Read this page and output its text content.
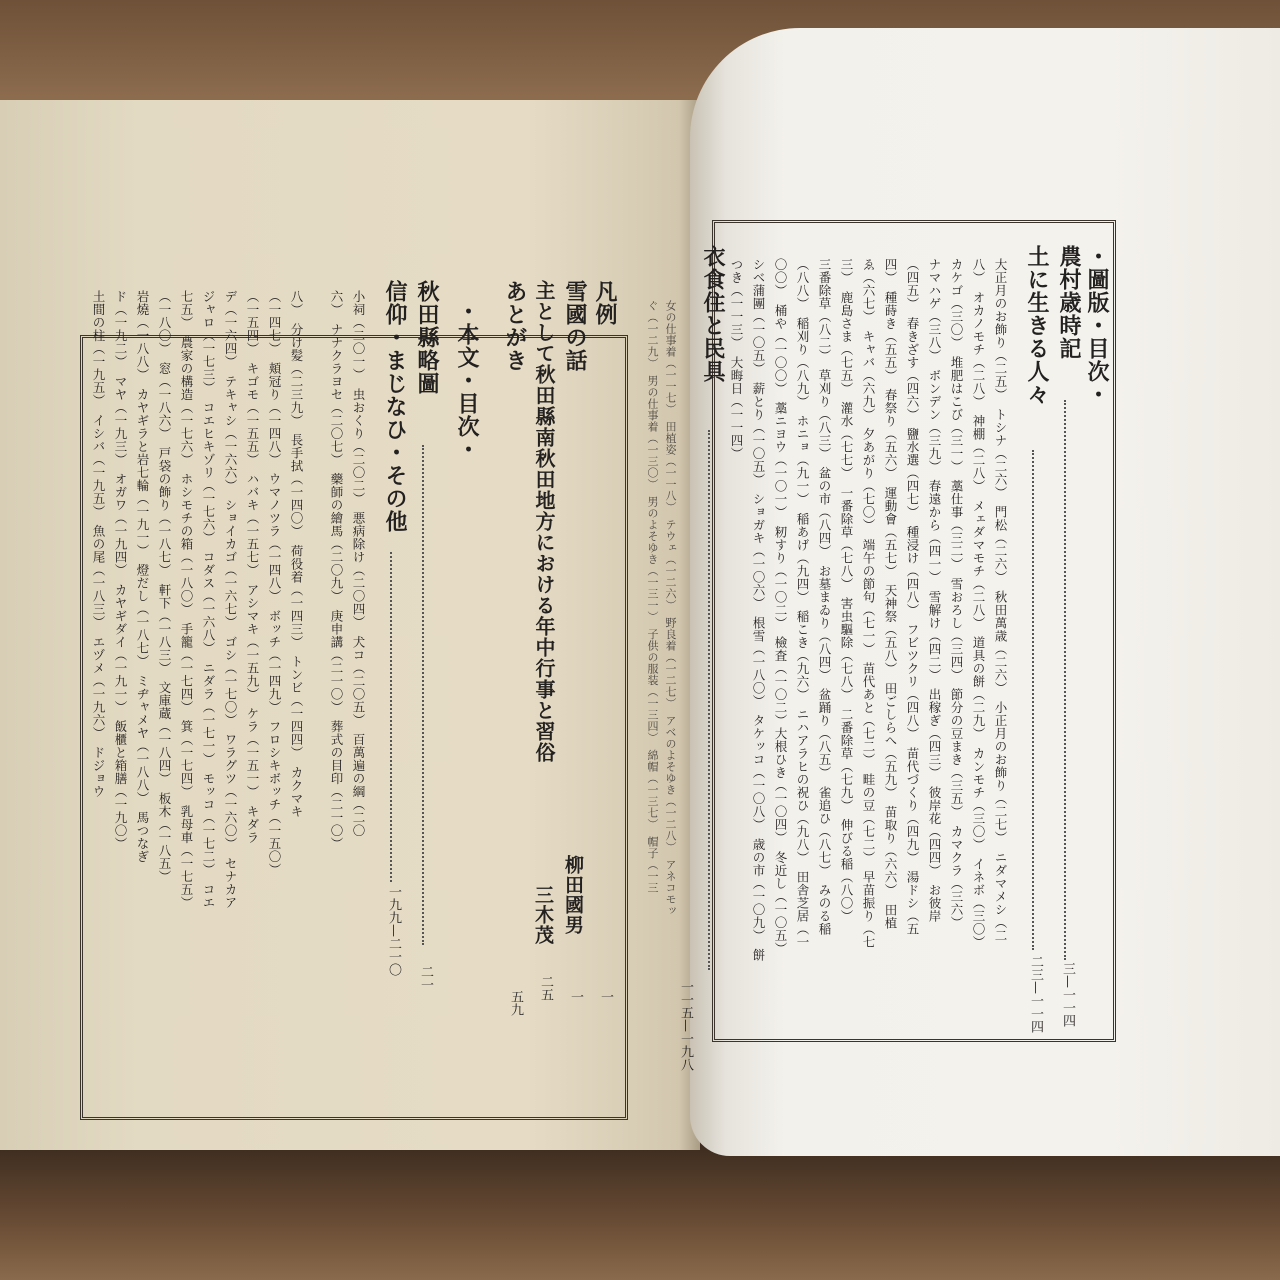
凡例
一
雪國の話
柳田國男
一
主として秋田縣南秋田地方における年中行事と習俗
三木茂
二五
あとがき
五九
・本文・目次・
秋田縣略圖
二一
信仰・まじなひ・その他
一九九—二一〇
小祠（二〇一）　虫おくり（二〇二）　悪病除け（二〇四）　犬コ（二〇五）　百萬遍の綱（二〇
六）　ナナクラヨセ（二〇七）　藥師の繪馬（二〇九）　庚申講（二一〇）　葬式の目印（二一〇）
八）　分け髪（二三九）　長手拭（一四〇）　荷役着（一四三）　トンビ（一四四）　カクマキ
（一四七）　頬冠り（一四八）　ウマノツラ（一四八）　ボッチ（一四九）　フロシキボッチ（一五〇）
（一五四）　キゴモ（一五五）　ハバキ（一五七）　アシマキ（一五九）　ケラ（一五一）　キダラ
デ（一六四）　テキャシ（一六六）　ショイカゴ（一六七）　ゴシ（一七〇）　ワラグツ（一六〇）　セナカア
ジャロ（一七三）　コエヒキゾリ（一七六）　コダス（一六八）　ニダラ（一七一）　モッコ（一七二）　コエ
七五）　農家の構造（一七六）　ホシモチの箱（一八〇）　手籠（一七四）　箕（一七四）　乳母車（一七五）
（一八〇）　窓（一八六）　戸袋の飾り（一八七）　軒下（一八三）　文庫蔵（一八四）　板木（一八五）
岩燒（一八八）　カヤギラと岩七輪（一九一）　燈だし（一八七）　ミヂャメヤ（一八八）　馬つなぎ
ド（一九二）　マヤ（一九三）　オガワ（一九四）　カヤギダイ（一九一）　飯櫃と箱膳（一九〇）
土間の柱（一九五）　イシバ（一九五）　魚の尾（一八三）　エヅメ（一九六）　ドジョウ	・圖版・目次・
農村歳時記
三—一一四
土に生きる人々
二三—一一四
大正月のお飾り（二五）　トシナ（二六）　門松（二六）　秋田萬歳（二六）　小正月のお飾り（二七）　ニダマメシ（二
八）　オカノモチ（二八）　神棚（二八）　メェダマモチ（二八）　道具の餅（二九）　カンモチ（三〇）　イネボ（三〇）
カケゴ（三〇）　堆肥はこび（三一）　藁仕事（三二）　雪おろし（三四）　節分の豆まき（三五）　カマクラ（三六）
ナマハゲ（三八）　ボンデン（三九）　春遠から（四一）　雪解け（四二）　出稼ぎ（四三）　彼岸花（四四）　お彼岸
（四五）　春きざす（四六）　鹽水選（四七）　種浸け（四八）　フビツクリ（四八）　苗代づくり（四九）　湯ドシ（五
四）　種蒔き（五五）　春祭り（五六）　運動會（五七）　天神祭（五八）　田ごしらへ（五九）　苗取り（六六）　田植
ゑ（六七）　キャバ（六九）　夕あがり（七〇）　端午の節句（七一）　苗代あと（七二）　畦の豆（七二）　早苗振り（七
三）　鹿島さま（七五）　灌水（七七）　一番除草（七八）　害虫驅除（七八）　二番除草（七九）　伸びる稲（八〇）
三番除草（八二）　草刈り（八三）　盆の市（八四）　お墓まゐり（八四）　盆踊り（八五）　雀追ひ（八七）　みのる稲
（八八）　稲刈り（八九）　ホニョ（九一）　稲あげ（九四）　稲こき（九六）　ニハアラヒの祝ひ（九八）　田舎芝居（一
〇〇）　桶や（一〇〇）　藁ニヨウ（一〇一）　籾すり（一〇二）　檢査（一〇二）大根ひき（一〇四）　冬近し（一〇五）
シベ蒲團（一〇五）　薪とり（一〇五）　ショガキ（一〇六）　根雪（一八〇）　タケッコ（一〇八）　歳の市（一〇九）　餅
つき（一一三）　大晦日（一一四）
衣食住と民具
一一五—一九八
女の仕事着（一一七）　田植姿（一一八）　テウェ（一二六）　野良着（一二七）　アベのよそゆき（一二八）　アネコモッ
ぐ（一二九）　男の仕事着（一三〇）　男のよそゆき（一三一）　子供の服装（一三四）　綿帽（一三七）　帽子（一三
